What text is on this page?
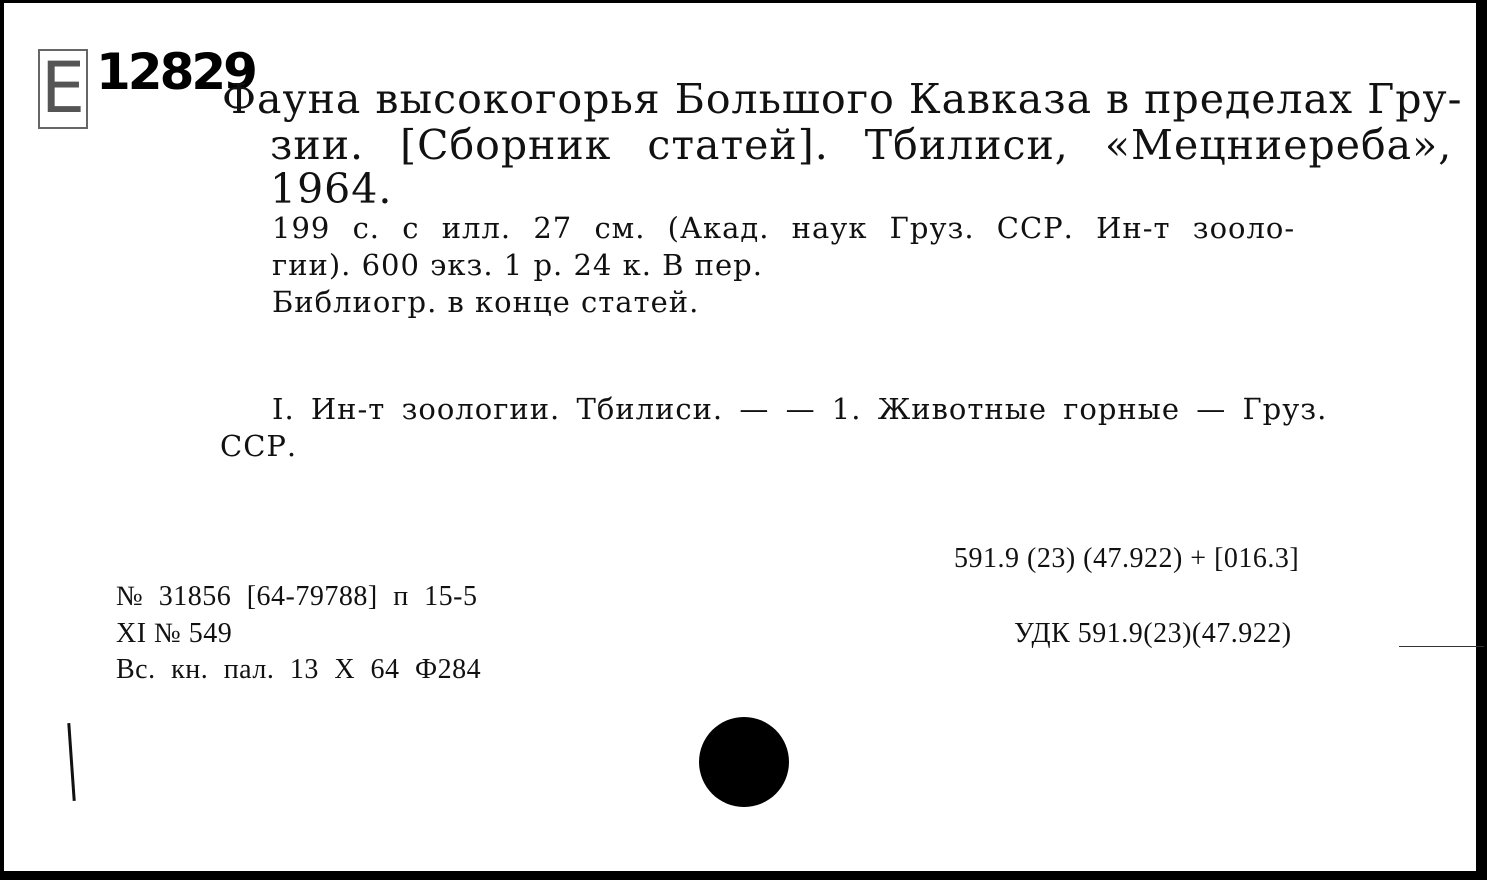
E 12829
Фауна высокогорья Большого Кавказа в пределах Гру-
зии. [Сборник статей]. Тбилиси, «Мецниереба»,
1964.
199 с. с илл. 27 см. (Акад. наук Груз. ССР. Ин-т зооло-
гии). 600 экз. 1 р. 24 к. В пер.
Библиогр. в конце статей.
I. Ин-т зоологии. Тбилиси. — — 1. Животные горные — Груз.
ССР.
591.9 (23) (47.922) + [016.3]
УДК 591.9(23)(47.922)
№ 31856 [64-79788] п 15-5
XI № 549
Вс. кн. пал. 13 X 64 Ф284
